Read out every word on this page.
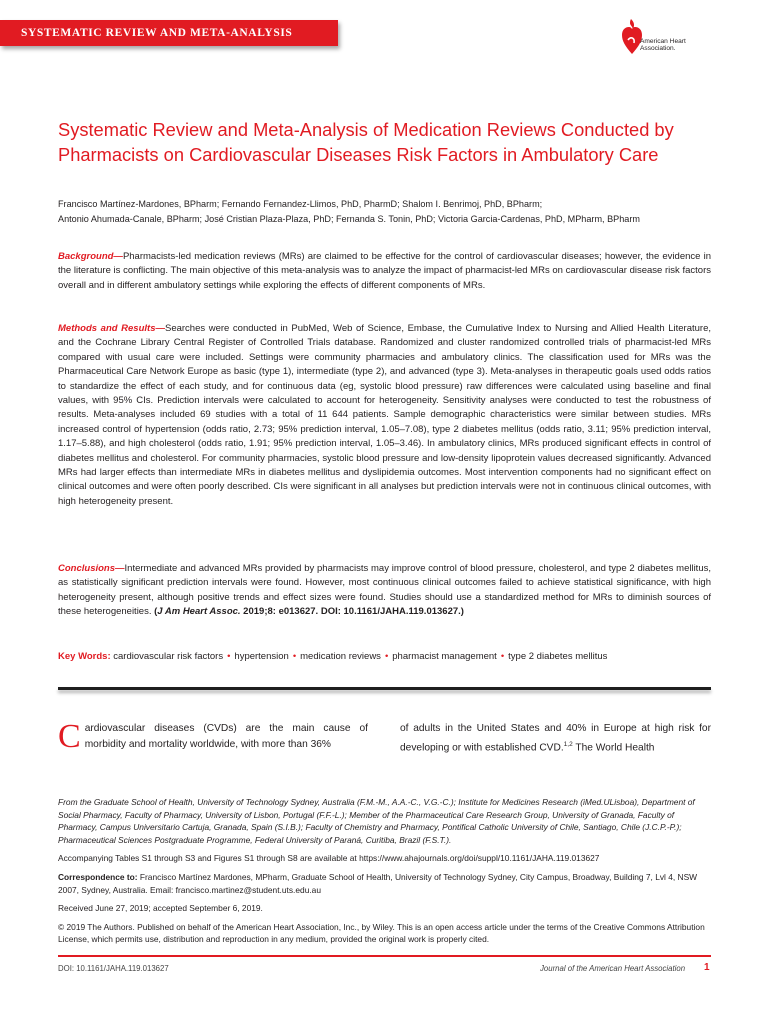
SYSTEMATIC REVIEW AND META-ANALYSIS
American Heart Association.
Systematic Review and Meta-Analysis of Medication Reviews Conducted by Pharmacists on Cardiovascular Diseases Risk Factors in Ambulatory Care
Francisco Martínez-Mardones, BPharm; Fernando Fernandez-Llimos, PhD, PharmD; Shalom I. Benrimoj, PhD, BPharm;
Antonio Ahumada-Canale, BPharm; José Cristian Plaza-Plaza, PhD; Fernanda S. Tonin, PhD; Victoria Garcia-Cardenas, PhD, MPharm, BPharm

Background—Pharmacists-led medication reviews (MRs) are claimed to be effective for the control of cardiovascular diseases; however, the evidence in the literature is conflicting. The main objective of this meta-analysis was to analyze the impact of pharmacist-led MRs on cardiovascular disease risk factors overall and in different ambulatory settings while exploring the effects of different components of MRs.

Methods and Results—Searches were conducted in PubMed, Web of Science, Embase, the Cumulative Index to Nursing and Allied Health Literature, and the Cochrane Library Central Register of Controlled Trials database. Randomized and cluster randomized controlled trials of pharmacist-led MRs compared with usual care were included. Settings were community pharmacies and ambulatory clinics. The classification used for MRs was the Pharmaceutical Care Network Europe as basic (type 1), intermediate (type 2), and advanced (type 3). Meta-analyses in therapeutic goals used odds ratios to standardize the effect of each study, and for continuous data (eg, systolic blood pressure) raw differences were calculated using baseline and final values, with 95% CIs. Prediction intervals were calculated to account for heterogeneity. Sensitivity analyses were conducted to test the robustness of results. Meta-analyses included 69 studies with a total of 11 644 patients. Sample demographic characteristics were similar between studies. MRs increased control of hypertension (odds ratio, 2.73; 95% prediction interval, 1.05–7.08), type 2 diabetes mellitus (odds ratio, 3.11; 95% prediction interval, 1.17–5.88), and high cholesterol (odds ratio, 1.91; 95% prediction interval, 1.05–3.46). In ambulatory clinics, MRs produced significant effects in control of diabetes mellitus and cholesterol. For community pharmacies, systolic blood pressure and low-density lipoprotein values decreased significantly. Advanced MRs had larger effects than intermediate MRs in diabetes mellitus and dyslipidemia outcomes. Most intervention components had no significant effect on clinical outcomes and were often poorly described. CIs were significant in all analyses but prediction intervals were not in continuous clinical outcomes, with high heterogeneity present.

Conclusions—Intermediate and advanced MRs provided by pharmacists may improve control of blood pressure, cholesterol, and type 2 diabetes mellitus, as statistically significant prediction intervals were found. However, most continuous clinical outcomes failed to achieve statistical significance, with high heterogeneity present, although positive trends and effect sizes were found. Studies should use a standardized method for MRs to diminish sources of these heterogeneities. (J Am Heart Assoc. 2019;8: e013627. DOI: 10.1161/JAHA.119.013627.)

Key Words: cardiovascular risk factors • hypertension • medication reviews • pharmacist management • type 2 diabetes mellitus
Cardiovascular diseases (CVDs) are the main cause of morbidity and mortality worldwide, with more than 36%
of adults in the United States and 40% in Europe at high risk for developing or with established CVD.$^{1,2}$ The World Health

From the Graduate School of Health, University of Technology Sydney, Australia (F.M.-M., A.A.-C., V.G.-C.); Institute for Medicines Research (iMed.ULisboa), Department of Social Pharmacy, Faculty of Pharmacy, University of Lisbon, Portugal (F.F.-L.); Member of the Pharmaceutical Care Research Group, University of Granada, Faculty of Pharmacy, Campus Universitario Cartuja, Granada, Spain (S.I.B.); Faculty of Chemistry and Pharmacy, Pontifical Catholic University of Chile, Santiago, Chile (J.C.P.-P.); Pharmaceutical Sciences Postgraduate Programme, Federal University of Paraná, Curitiba, Brazil (F.S.T.).

Accompanying Tables S1 through S3 and Figures S1 through S8 are available at https://www.ahajournals.org/doi/suppl/10.1161/JAHA.119.013627

Correspondence to: Francisco Martínez Mardones, MPharm, Graduate School of Health, University of Technology Sydney, City Campus, Broadway, Building 7, Lvl 4, NSW 2007, Sydney, Australia. Email: francisco.martinez@student.uts.edu.au

Received June 27, 2019; accepted September 6, 2019.

© 2019 The Authors. Published on behalf of the American Heart Association, Inc., by Wiley. This is an open access article under the terms of the Creative Commons Attribution License, which permits use, distribution and reproduction in any medium, provided the original work is properly cited.

DOI: 10.1161/JAHA.119.013627	Journal of the American Heart Association 1
